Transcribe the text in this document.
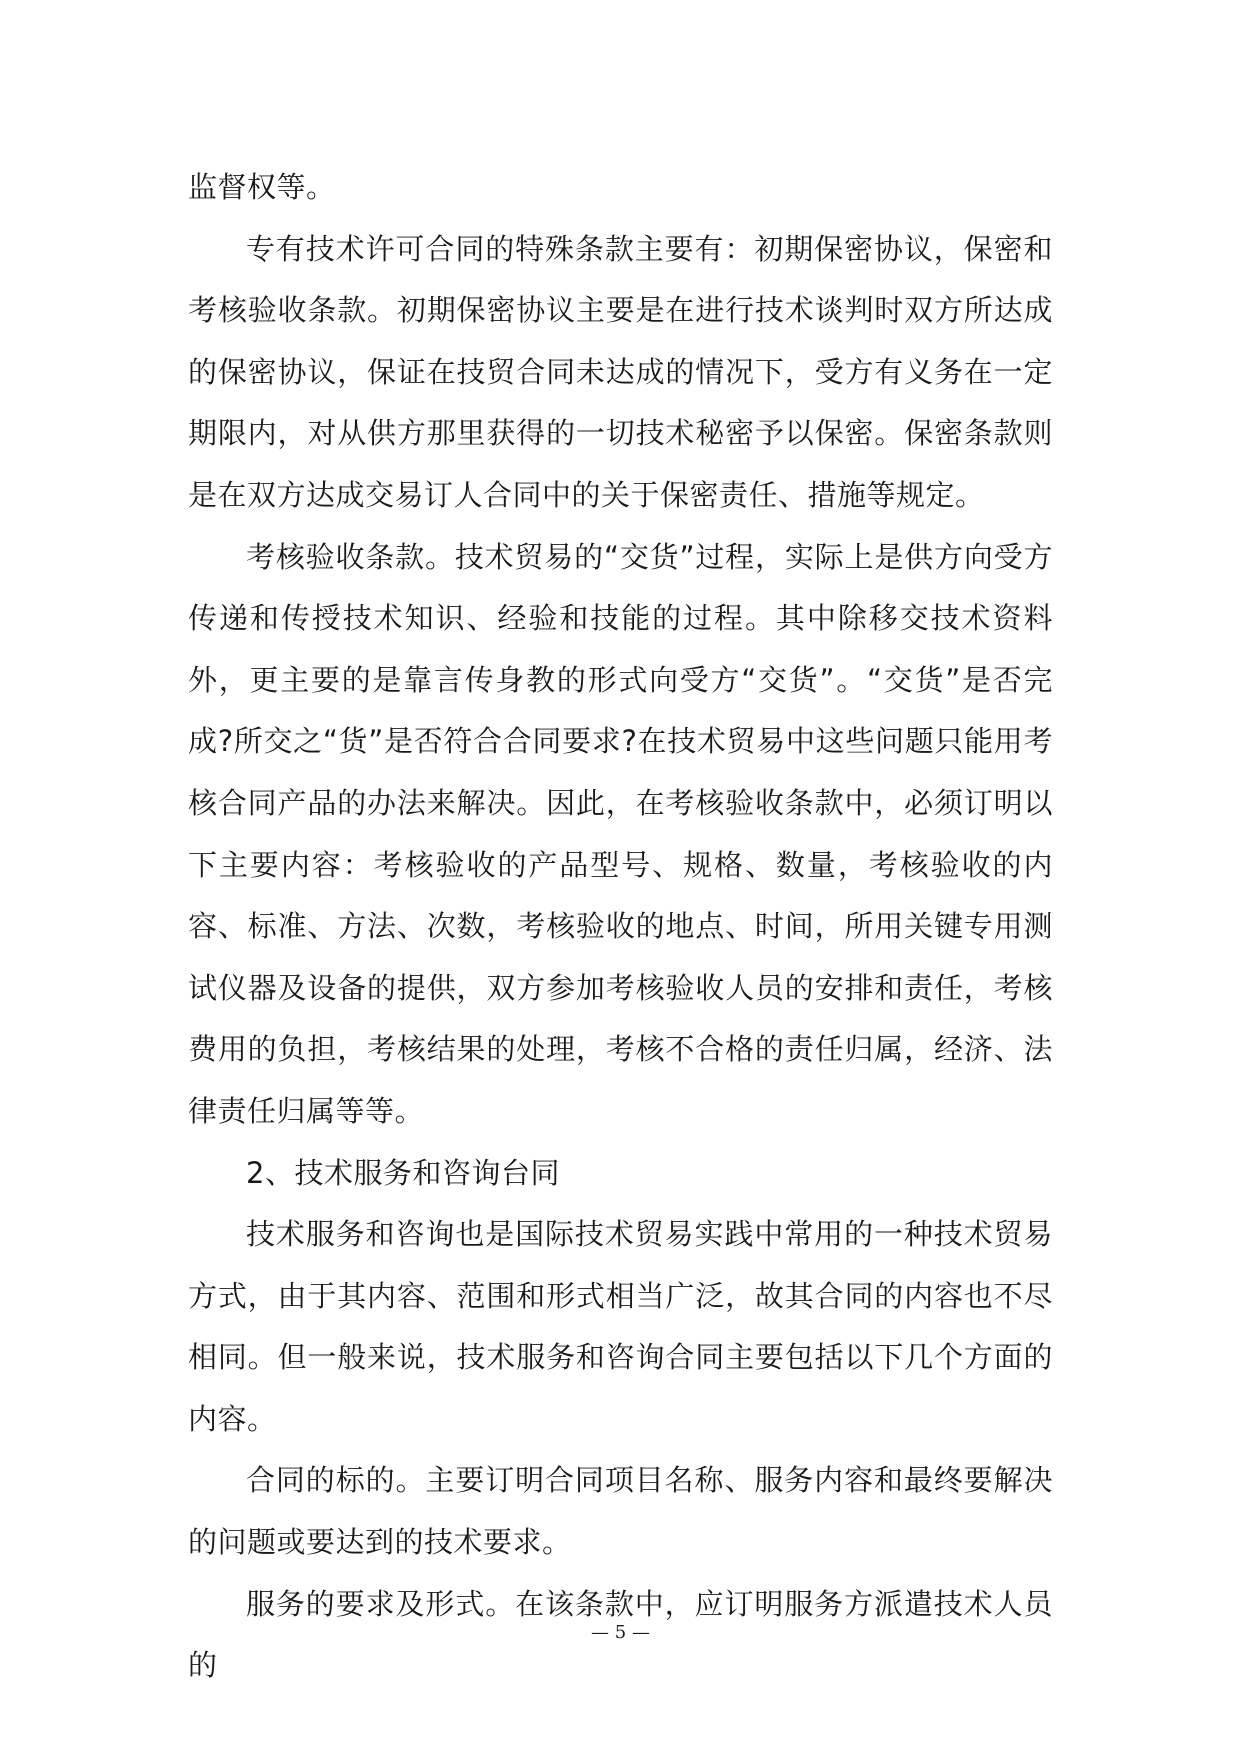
监督权等。

专有技术许可合同的特殊条款主要有：初期保密协议，保密和考核验收条款。初期保密协议主要是在进行技术谈判时双方所达成的保密协议，保证在技贸合同未达成的情况下，受方有义务在一定期限内，对从供方那里获得的一切技术秘密予以保密。保密条款则是在双方达成交易订人合同中的关于保密责任、措施等规定。

考核验收条款。技术贸易的“交货”过程，实际上是供方向受方传递和传授技术知识、经验和技能的过程。其中除移交技术资料外，更主要的是靠言传身教的形式向受方“交货”。“交货”是否完成?所交之“货”是否符合合同要求?在技术贸易中这些问题只能用考核合同产品的办法来解决。因此，在考核验收条款中，必须订明以下主要内容：考核验收的产品型号、规格、数量，考核验收的内容、标准、方法、次数，考核验收的地点、时间，所用关键专用测试仪器及设备的提供，双方参加考核验收人员的安排和责任，考核费用的负担，考核结果的处理，考核不合格的责任归属，经济、法律责任归属等等。

2、技术服务和咨询台同

技术服务和咨询也是国际技术贸易实践中常用的一种技术贸易方式，由于其内容、范围和形式相当广泛，故其合同的内容也不尽相同。但一般来说，技术服务和咨询合同主要包括以下几个方面的内容。

合同的标的。主要订明合同项目名称、服务内容和最终要解决的问题或要达到的技术要求。

服务的要求及形式。在该条款中，应订明服务方派遣技术人员的

— 5 —
